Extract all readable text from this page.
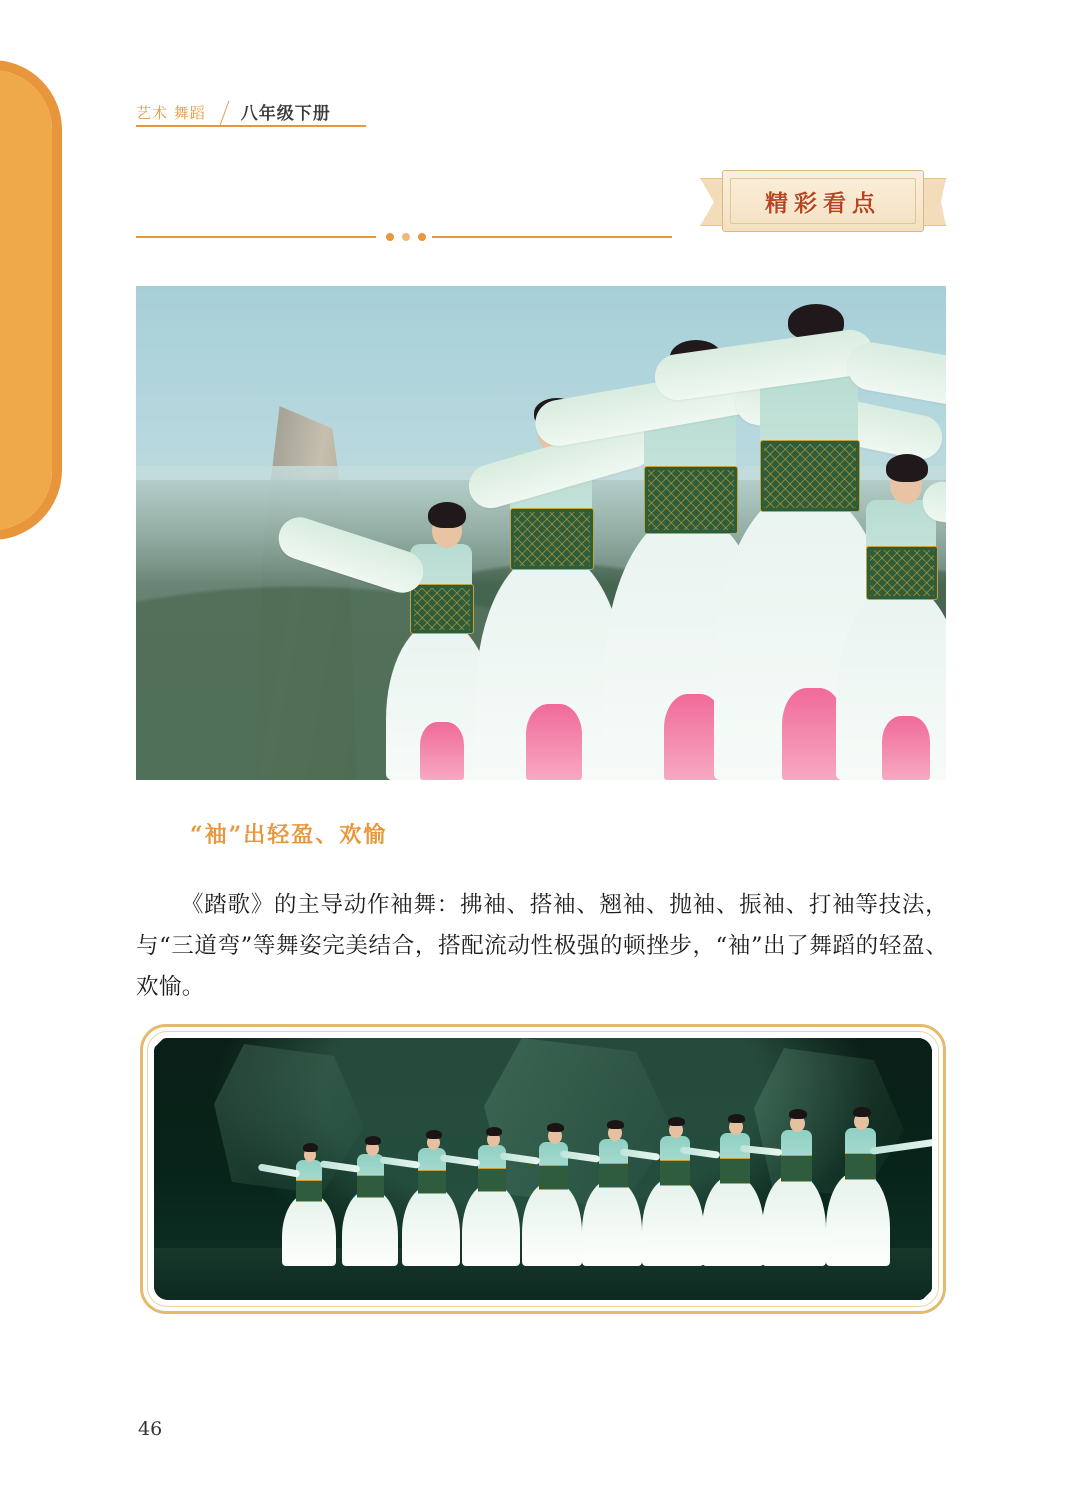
艺术 舞蹈 八年级下册
精彩看点
“袖”出轻盈、欢愉

《踏歌》的主导动作袖舞：拂袖、搭袖、翘袖、抛袖、振袖、打袖等技法，与“三道弯”等舞姿完美结合，搭配流动性极强的顿挫步，“袖”出了舞蹈的轻盈、欢愉。

46
